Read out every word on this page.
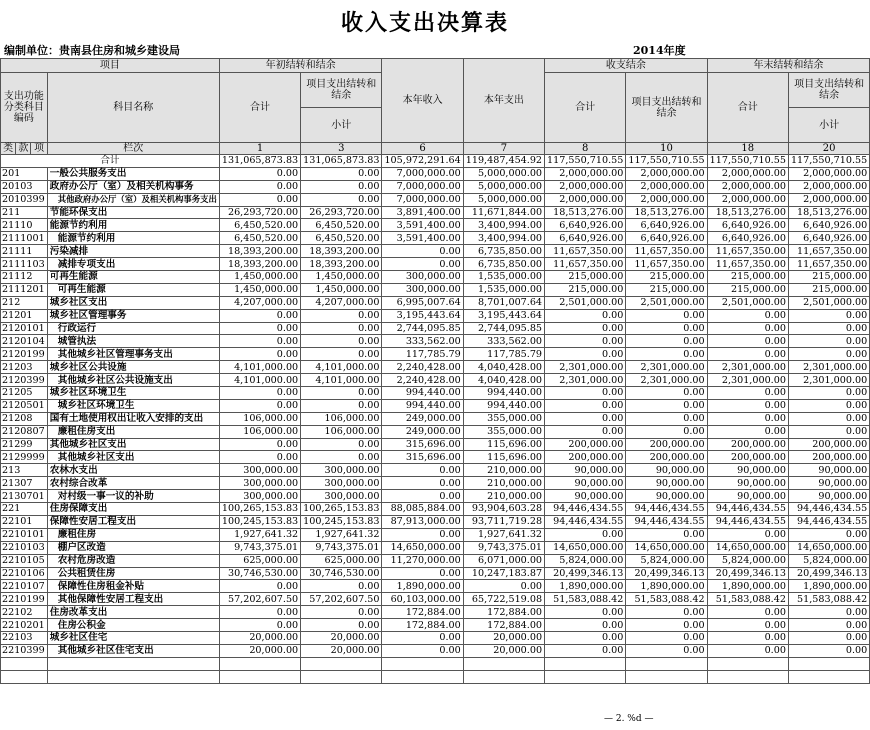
收入支出决算表
编制单位：贵南县住房和城乡建设局	2014年度
项目				年初结转和结余		本年收入	本年支出	收支结余		年末结转和结余	
支出功能分类科目编码			科目名称	合计	项目支出结转和结余			合计	项目支出结转和结余	合计	项目支出结转和结余
					小计						小计
类	款	项	栏次	1	3	6	7	8	10	18	20
合计				131,065,873.83	131,065,873.83	105,972,291.64	119,487,454.92	117,550,710.55	117,550,710.55	117,550,710.55	117,550,710.55
201			一般公共服务支出	0.00	0.00	7,000,000.00	5,000,000.00	2,000,000.00	2,000,000.00	2,000,000.00	2,000,000.00
20103			政府办公厅（室）及相关机构事务	0.00	0.00	7,000,000.00	5,000,000.00	2,000,000.00	2,000,000.00	2,000,000.00	2,000,000.00
2010399			其他政府办公厅（室）及相关机构事务支出	0.00	0.00	7,000,000.00	5,000,000.00	2,000,000.00	2,000,000.00	2,000,000.00	2,000,000.00
211			节能环保支出	26,293,720.00	26,293,720.00	3,891,400.00	11,671,844.00	18,513,276.00	18,513,276.00	18,513,276.00	18,513,276.00
21110			能源节约利用	6,450,520.00	6,450,520.00	3,591,400.00	3,400,994.00	6,640,926.00	6,640,926.00	6,640,926.00	6,640,926.00
2111001			能源节约利用	6,450,520.00	6,450,520.00	3,591,400.00	3,400,994.00	6,640,926.00	6,640,926.00	6,640,926.00	6,640,926.00
21111			污染减排	18,393,200.00	18,393,200.00	0.00	6,735,850.00	11,657,350.00	11,657,350.00	11,657,350.00	11,657,350.00
2111103			减排专项支出	18,393,200.00	18,393,200.00	0.00	6,735,850.00	11,657,350.00	11,657,350.00	11,657,350.00	11,657,350.00
21112			可再生能源	1,450,000.00	1,450,000.00	300,000.00	1,535,000.00	215,000.00	215,000.00	215,000.00	215,000.00
2111201			可再生能源	1,450,000.00	1,450,000.00	300,000.00	1,535,000.00	215,000.00	215,000.00	215,000.00	215,000.00
212			城乡社区支出	4,207,000.00	4,207,000.00	6,995,007.64	8,701,007.64	2,501,000.00	2,501,000.00	2,501,000.00	2,501,000.00
21201			城乡社区管理事务	0.00	0.00	3,195,443.64	3,195,443.64	0.00	0.00	0.00	0.00
2120101			行政运行	0.00	0.00	2,744,095.85	2,744,095.85	0.00	0.00	0.00	0.00
2120104			城管执法	0.00	0.00	333,562.00	333,562.00	0.00	0.00	0.00	0.00
2120199			其他城乡社区管理事务支出	0.00	0.00	117,785.79	117,785.79	0.00	0.00	0.00	0.00
21203			城乡社区公共设施	4,101,000.00	4,101,000.00	2,240,428.00	4,040,428.00	2,301,000.00	2,301,000.00	2,301,000.00	2,301,000.00
2120399			其他城乡社区公共设施支出	4,101,000.00	4,101,000.00	2,240,428.00	4,040,428.00	2,301,000.00	2,301,000.00	2,301,000.00	2,301,000.00
21205			城乡社区环境卫生	0.00	0.00	994,440.00	994,440.00	0.00	0.00	0.00	0.00
2120501			城乡社区环境卫生	0.00	0.00	994,440.00	994,440.00	0.00	0.00	0.00	0.00
21208			国有土地使用权出让收入安排的支出	106,000.00	106,000.00	249,000.00	355,000.00	0.00	0.00	0.00	0.00
2120807			廉租住房支出	106,000.00	106,000.00	249,000.00	355,000.00	0.00	0.00	0.00	0.00
21299			其他城乡社区支出	0.00	0.00	315,696.00	115,696.00	200,000.00	200,000.00	200,000.00	200,000.00
2129999			其他城乡社区支出	0.00	0.00	315,696.00	115,696.00	200,000.00	200,000.00	200,000.00	200,000.00
213			农林水支出	300,000.00	300,000.00	0.00	210,000.00	90,000.00	90,000.00	90,000.00	90,000.00
21307			农村综合改革	300,000.00	300,000.00	0.00	210,000.00	90,000.00	90,000.00	90,000.00	90,000.00
2130701			对村级一事一议的补助	300,000.00	300,000.00	0.00	210,000.00	90,000.00	90,000.00	90,000.00	90,000.00
221			住房保障支出	100,265,153.83	100,265,153.83	88,085,884.00	93,904,603.28	94,446,434.55	94,446,434.55	94,446,434.55	94,446,434.55
22101			保障性安居工程支出	100,245,153.83	100,245,153.83	87,913,000.00	93,711,719.28	94,446,434.55	94,446,434.55	94,446,434.55	94,446,434.55
2210101			廉租住房	1,927,641.32	1,927,641.32	0.00	1,927,641.32	0.00	0.00	0.00	0.00
2210103			棚户区改造	9,743,375.01	9,743,375.01	14,650,000.00	9,743,375.01	14,650,000.00	14,650,000.00	14,650,000.00	14,650,000.00
2210105			农村危房改造	625,000.00	625,000.00	11,270,000.00	6,071,000.00	5,824,000.00	5,824,000.00	5,824,000.00	5,824,000.00
2210106			公共租赁住房	30,746,530.00	30,746,530.00	0.00	10,247,183.87	20,499,346.13	20,499,346.13	20,499,346.13	20,499,346.13
2210107			保障性住房租金补贴	0.00	0.00	1,890,000.00	0.00	1,890,000.00	1,890,000.00	1,890,000.00	1,890,000.00
2210199			其他保障性安居工程支出	57,202,607.50	57,202,607.50	60,103,000.00	65,722,519.08	51,583,088.42	51,583,088.42	51,583,088.42	51,583,088.42
22102			住房改革支出	0.00	0.00	172,884.00	172,884.00	0.00	0.00	0.00	0.00
2210201			住房公积金	0.00	0.00	172,884.00	172,884.00	0.00	0.00	0.00	0.00
22103			城乡社区住宅	20,000.00	20,000.00	0.00	20,000.00	0.00	0.00	0.00	0.00
2210399			其他城乡社区住宅支出	20,000.00	20,000.00	0.00	20,000.00	0.00	0.00	0.00	0.00

— 2. %d —
